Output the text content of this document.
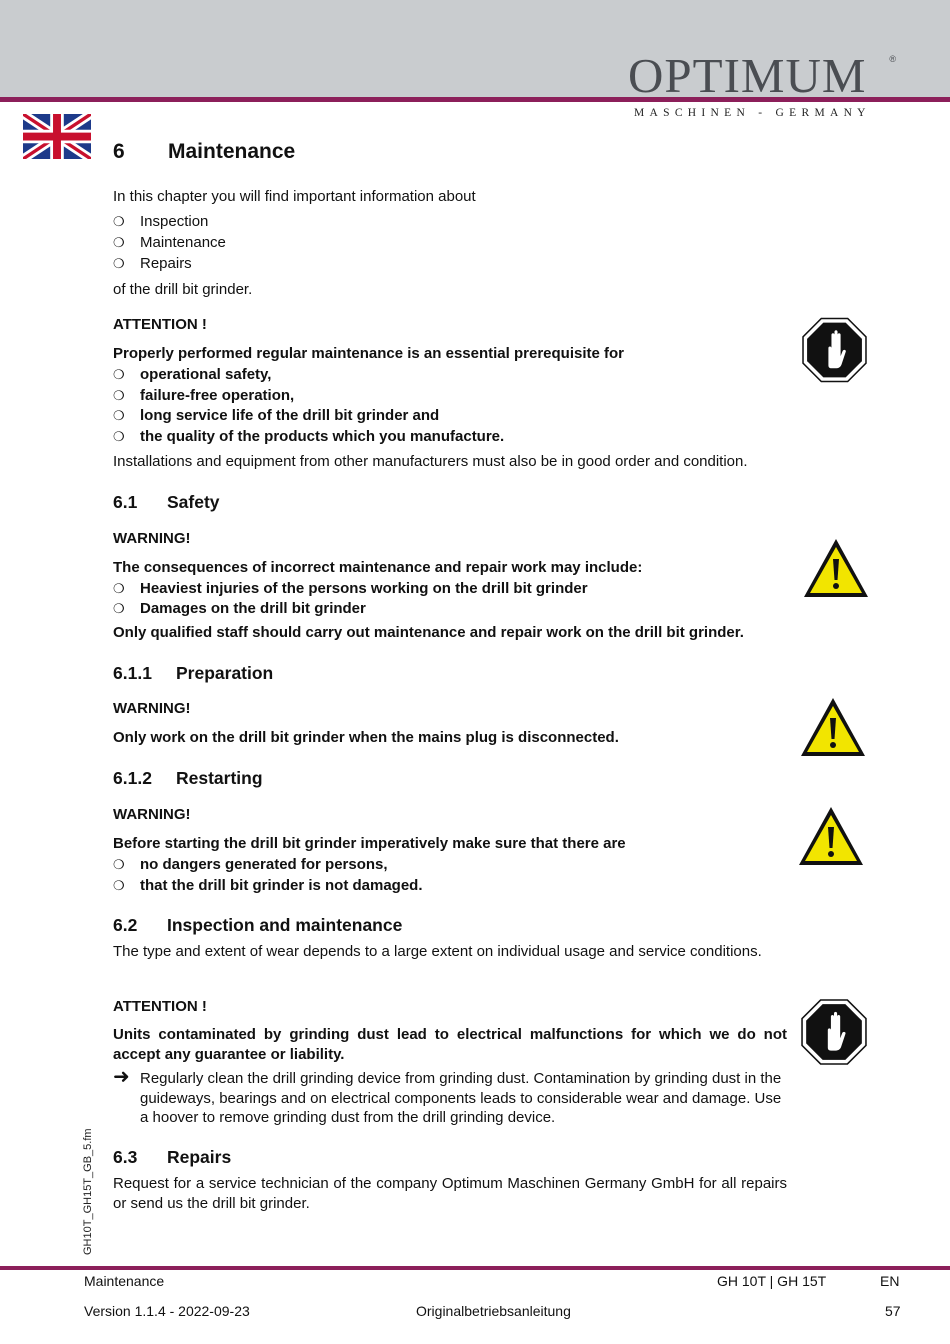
OPTIMUM	®
MASCHINEN - GERMANY
6 Maintenance
In this chapter you will find important information about
❍ Inspection
❍ Maintenance
❍ Repairs
of the drill bit grinder.
ATTENTION !
Properly performed regular maintenance is an essential prerequisite for
❍ operational safety,
❍ failure-free operation,
❍ long service life of the drill bit grinder and
❍ the quality of the products which you manufacture.
Installations and equipment from other manufacturers must also be in good order and condition.
6.1 Safety
WARNING!
The consequences of incorrect maintenance and repair work may include:
❍ Heaviest injuries of the persons working on the drill bit grinder
❍ Damages on the drill bit grinder
Only qualified staff should carry out maintenance and repair work on the drill bit grinder.
6.1.1 Preparation
WARNING!
Only work on the drill bit grinder when the mains plug is disconnected.
6.1.2 Restarting
WARNING!
Before starting the drill bit grinder imperatively make sure that there are
❍ no dangers generated for persons,
❍ that the drill bit grinder is not damaged.
6.2 Inspection and maintenance
The type and extent of wear depends to a large extent on individual usage and service conditions.
ATTENTION !
Units contaminated by grinding dust lead to electrical malfunctions for which we do not accept any guarantee or liability.
➜ Regularly clean the drill grinding device from grinding dust. Contamination by grinding dust in the guideways, bearings and on electrical components leads to considerable wear and damage. Use a hoover to remove grinding dust from the drill grinding device.
6.3 Repairs
Request for a service technician of the company Optimum Maschinen Germany GmbH for all repairs or send us the drill bit grinder.
GH10T_GH15T_GB_5.fm
Maintenance	GH 10T | GH 15T	EN
Version 1.1.4 - 2022-09-23	Originalbetriebsanleitung	57
